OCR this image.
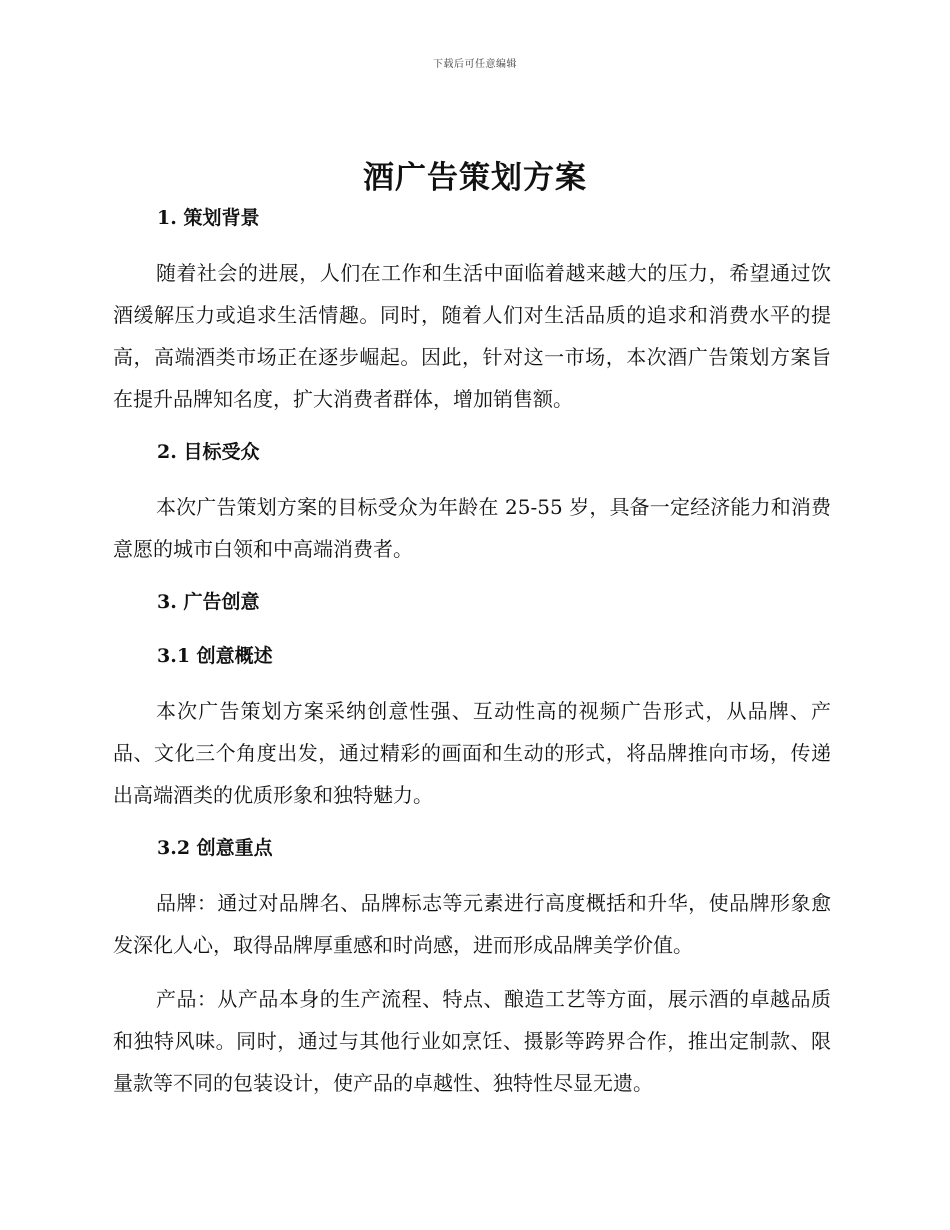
下载后可任意编辑
酒广告策划方案
1. 策划背景

随着社会的进展，人们在工作和生活中面临着越来越大的压力，希望通过饮酒缓解压力或追求生活情趣。同时，随着人们对生活品质的追求和消费水平的提高，高端酒类市场正在逐步崛起。因此，针对这一市场，本次酒广告策划方案旨在提升品牌知名度，扩大消费者群体，增加销售额。

2. 目标受众

本次广告策划方案的目标受众为年龄在 25-55 岁，具备一定经济能力和消费意愿的城市白领和中高端消费者。

3. 广告创意
3.1 创意概述

本次广告策划方案采纳创意性强、互动性高的视频广告形式，从品牌、产品、文化三个角度出发，通过精彩的画面和生动的形式，将品牌推向市场，传递出高端酒类的优质形象和独特魅力。

3.2 创意重点

品牌：通过对品牌名、品牌标志等元素进行高度概括和升华，使品牌形象愈发深化人心，取得品牌厚重感和时尚感，进而形成品牌美学价值。

产品：从产品本身的生产流程、特点、酿造工艺等方面，展示酒的卓越品质和独特风味。同时，通过与其他行业如烹饪、摄影等跨界合作，推出定制款、限量款等不同的包装设计，使产品的卓越性、独特性尽显无遗。
